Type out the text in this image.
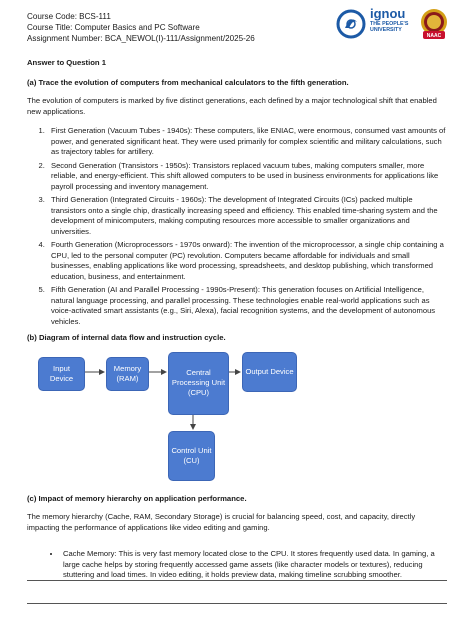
Course Code: BCS-111
Course Title: Computer Basics and PC Software
Assignment Number: BCA_NEWOL(I)-111/Assignment/2025-26
ignou
THE PEOPLE'S
UNIVERSITY
NAAC
Answer to Question 1
(a) Trace the evolution of computers from mechanical calculators to the fifth generation.
The evolution of computers is marked by five distinct generations, each defined by a major technological shift that enabled new applications.
1. First Generation (Vacuum Tubes - 1940s): These computers, like ENIAC, were enormous, consumed vast amounts of power, and generated significant heat. They were used primarily for complex scientific and military calculations, such as trajectory tables for artillery.
2. Second Generation (Transistors - 1950s): Transistors replaced vacuum tubes, making computers smaller, more reliable, and energy-efficient. This shift allowed computers to be used in business environments for applications like payroll processing and inventory management.
3. Third Generation (Integrated Circuits - 1960s): The development of Integrated Circuits (ICs) packed multiple transistors onto a single chip, drastically increasing speed and efficiency. This enabled time-sharing system and the development of minicomputers, making computing resources more accessible to smaller organizations and universities.
4. Fourth Generation (Microprocessors - 1970s onward): The invention of the microprocessor, a single chip containing a CPU, led to the personal computer (PC) revolution. Computers became affordable for individuals and small businesses, enabling applications like word processing, spreadsheets, and desktop publishing, which transformed education, business, and entertainment.
5. Fifth Generation (AI and Parallel Processing - 1990s-Present): This generation focuses on Artificial Intelligence, natural language processing, and parallel processing. These technologies enable real-world applications such as voice-activated smart assistants (e.g., Siri, Alexa), facial recognition systems, and the development of autonomous vehicles.
(b) Diagram of internal data flow and instruction cycle.
Input Device
Memory (RAM)
Central Processing Unit (CPU)
Output Device
Control Unit (CU)
(c) Impact of memory hierarchy on application performance.
The memory hierarchy (Cache, RAM, Secondary Storage) is crucial for balancing speed, cost, and capacity, directly impacting the performance of applications like video editing and gaming.
• Cache Memory: This is very fast memory located close to the CPU. It stores frequently used data. In gaming, a large cache helps by storing frequently accessed game assets (like character models or textures), reducing stuttering and load times. In video editing, it holds preview data, making timeline scrubbing smoother.
